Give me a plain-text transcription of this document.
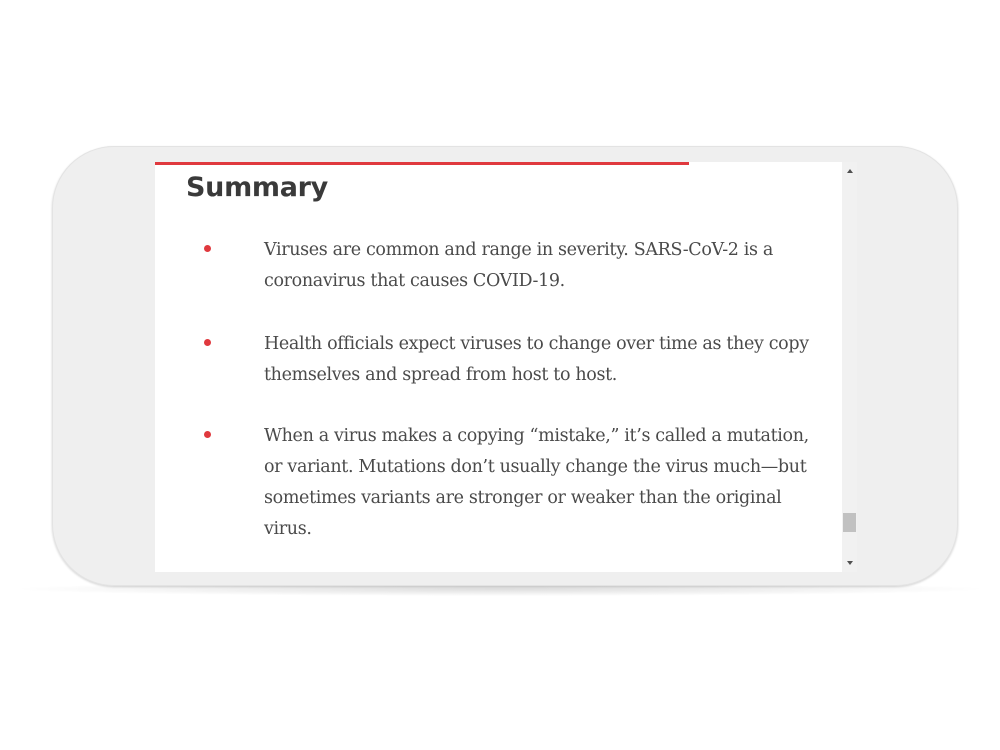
Summary

Viruses are common and range in severity. SARS-CoV-2 is a coronavirus that causes COVID-19.

Health officials expect viruses to change over time as they copy themselves and spread from host to host.

When a virus makes a copying “mistake,” it’s called a mutation, or variant. Mutations don’t usually change the virus much—but sometimes variants are stronger or weaker than the original virus.
